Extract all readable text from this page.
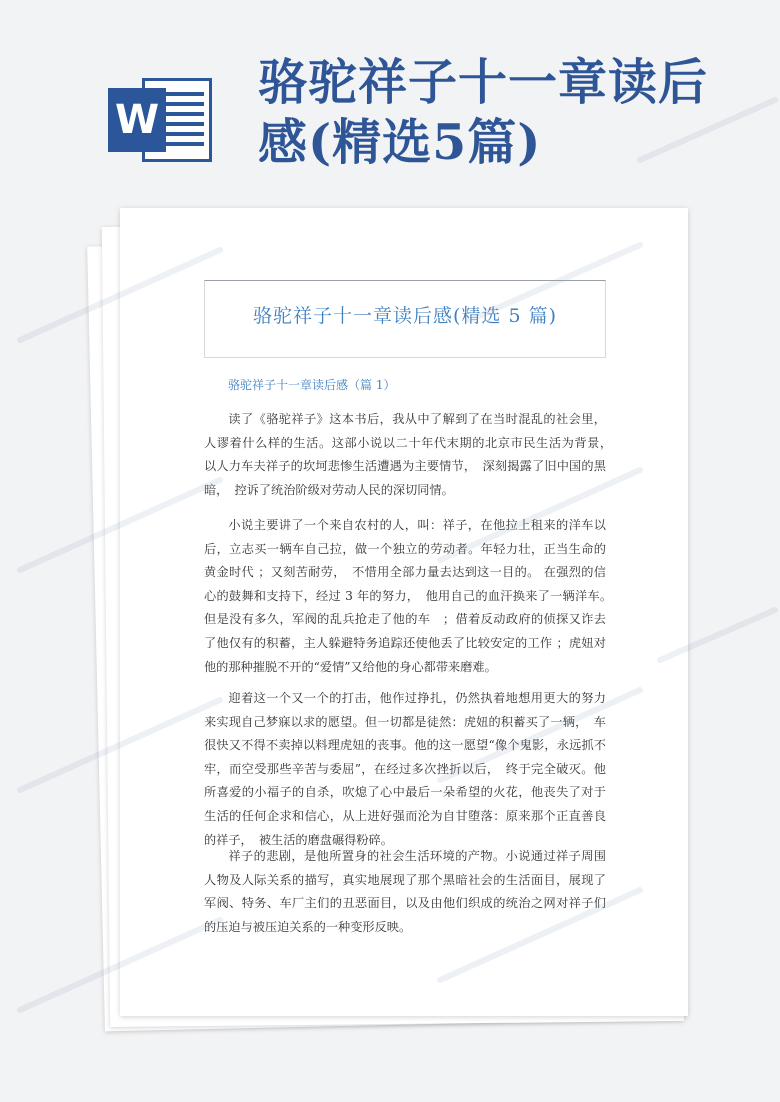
W
骆驼祥子十一章读后感(精选5篇)
骆驼祥子十一章读后感(精选 5 篇)
骆驼祥子十一章读后感（篇 1）

读了《骆驼祥子》这本书后，我从中了解到了在当时混乱的社会里，人谬着什么样的生活。这部小说以二十年代末期的北京市民生活为背景，　以人力车夫祥子的坎坷悲惨生活遭遇为主要情节，　深刻揭露了旧中国的黑暗，　控诉了统治阶级对劳动人民的深切同情。

小说主要讲了一个来自农村的人，叫：祥子，在他拉上租来的洋车以后，立志买一辆车自己拉，做一个独立的劳动者。年轻力壮，正当生命的黄金时代 ；又刻苦耐劳，　不惜用全部力量去达到这一目的。 在强烈的信心的鼓舞和支持下，经过 3 年的努力，　他用自己的血汗换来了一辆洋车。　但是没有多久，军阀的乱兵抢走了他的车　；借着反动政府的侦探又诈去了他仅有的积蓄，主人躲避特务追踪还使他丢了比较安定的工作 ；虎妞对他的那种摧脱不开的“爱情”又给他的身心都带来磨难。

迎着这一个又一个的打击，他作过挣扎，仍然执着地想用更大的努力来实现自己梦寐以求的愿望。但一切都是徒然：虎妞的积蓄买了一辆，　车很快又不得不卖掉以料理虎妞的丧事。他的这一愿望“像个鬼影，永远抓不牢，而空受那些辛苦与委屈”，在经过多次挫折以后，　终于完全破灭。他所喜爱的小福子的自杀，吹熄了心中最后一朵希望的火花，他丧失了对于生活的任何企求和信心，从上进好强而沦为自甘堕落：原来那个正直善良的祥子，　被生活的磨盘碾得粉碎。

祥子的悲剧，是他所置身的社会生活环境的产物。小说通过祥子周围人物及人际关系的描写，真实地展现了那个黑暗社会的生活面目，展现了军阀、特务、车厂主们的丑恶面目，以及由他们织成的统治之网对祥子们的压迫与被压迫关系的一种变形反映。
